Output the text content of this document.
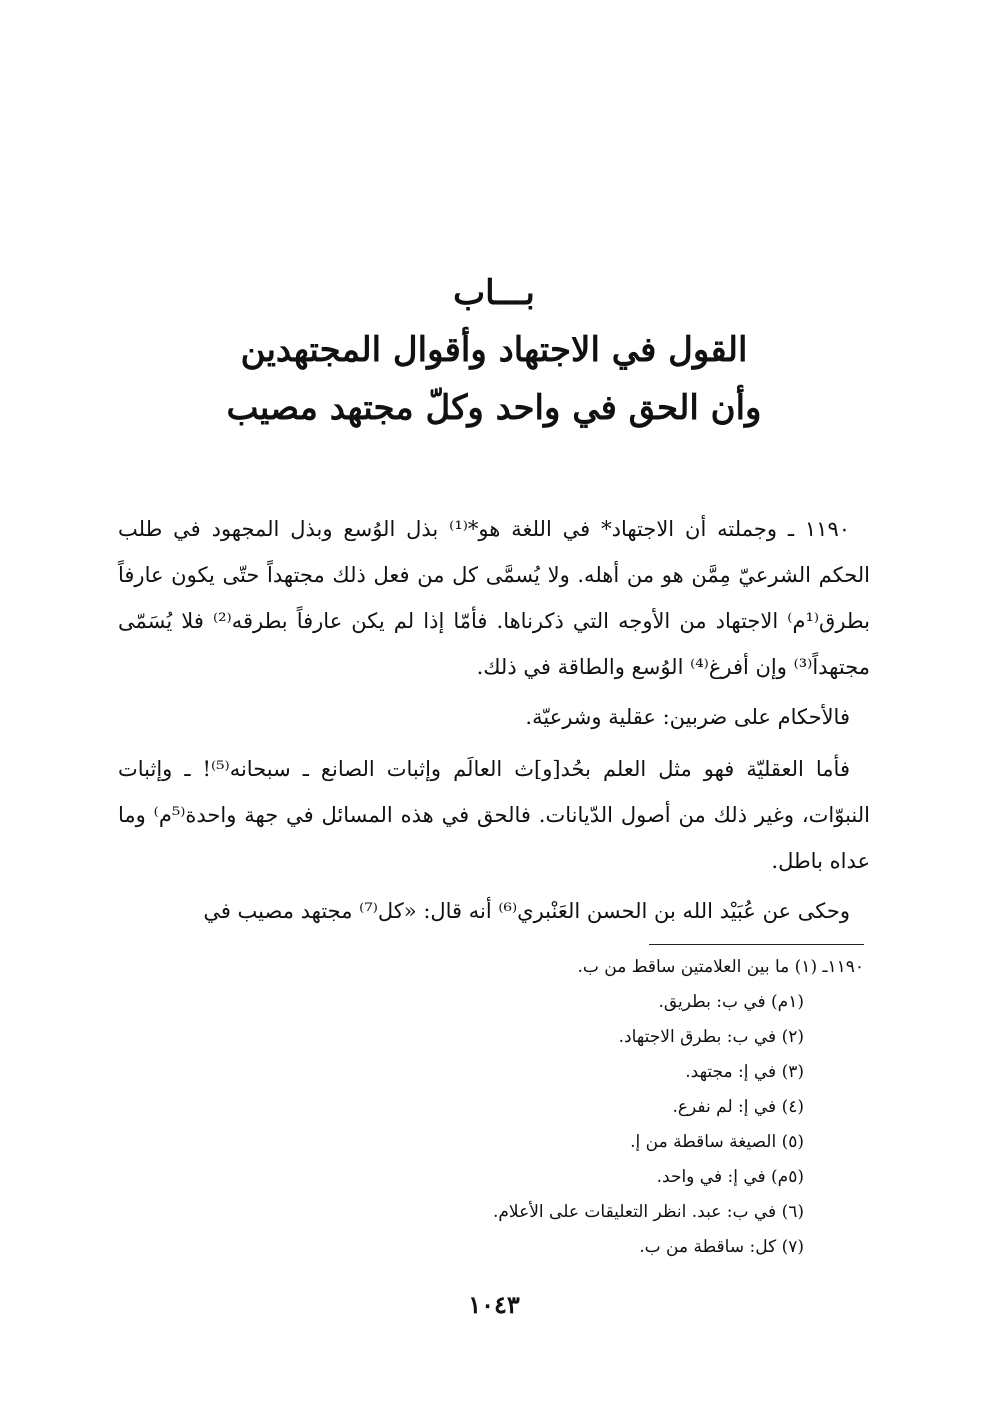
بـــاب
القول في الاجتهاد وأقوال المجتهدين
وأن الحق في واحد وكلّ مجتهد مصيب

١١٩٠ ـ وجملته أن الاجتهاد* في اللغة هو*⁽¹⁾ بذل الوُسع وبذل المجهود في طلب الحكم الشرعيّ مِمَّن هو من أهله. ولا يُسمَّى كل من فعل ذلك مجتهداً حتّى يكون عارفاً بطرق⁽¹م⁾ الاجتهاد من الأوجه التي ذكرناها. فأمّا إذا لم يكن عارفاً بطرقه⁽²⁾ فلا يُسَمّى مجتهداً⁽³⁾ وإن أفرغ⁽⁴⁾ الوُسع والطاقة في ذلك.

فالأحكام على ضربين: عقلية وشرعيّة.

فأما العقليّة فهو مثل العلم بحُد[و]ث العالَم وإثبات الصانع ـ سبحانه⁽⁵⁾! ـ وإثبات النبوّات، وغير ذلك من أصول الدّيانات. فالحق في هذه المسائل في جهة واحدة⁽⁵م⁾ وما عداه باطل.

وحكى عن عُبَيْد الله بن الحسن العَنْبري⁽⁶⁾ أنه قال: «كل⁽⁷⁾ مجتهد مصيب في

١١٩٠ـ (١) ما بين العلامتين ساقط من ب.
(١م) في ب: بطريق.
(٢) في ب: بطرق الاجتهاد.
(٣) في إ: مجتهد.
(٤) في إ: لم نفرع.
(٥) الصيغة ساقطة من إ.
(٥م) في إ: في واحد.
(٦) في ب: عبد. انظر التعليقات على الأعلام.
(٧) كل: ساقطة من ب.
١٠٤٣
